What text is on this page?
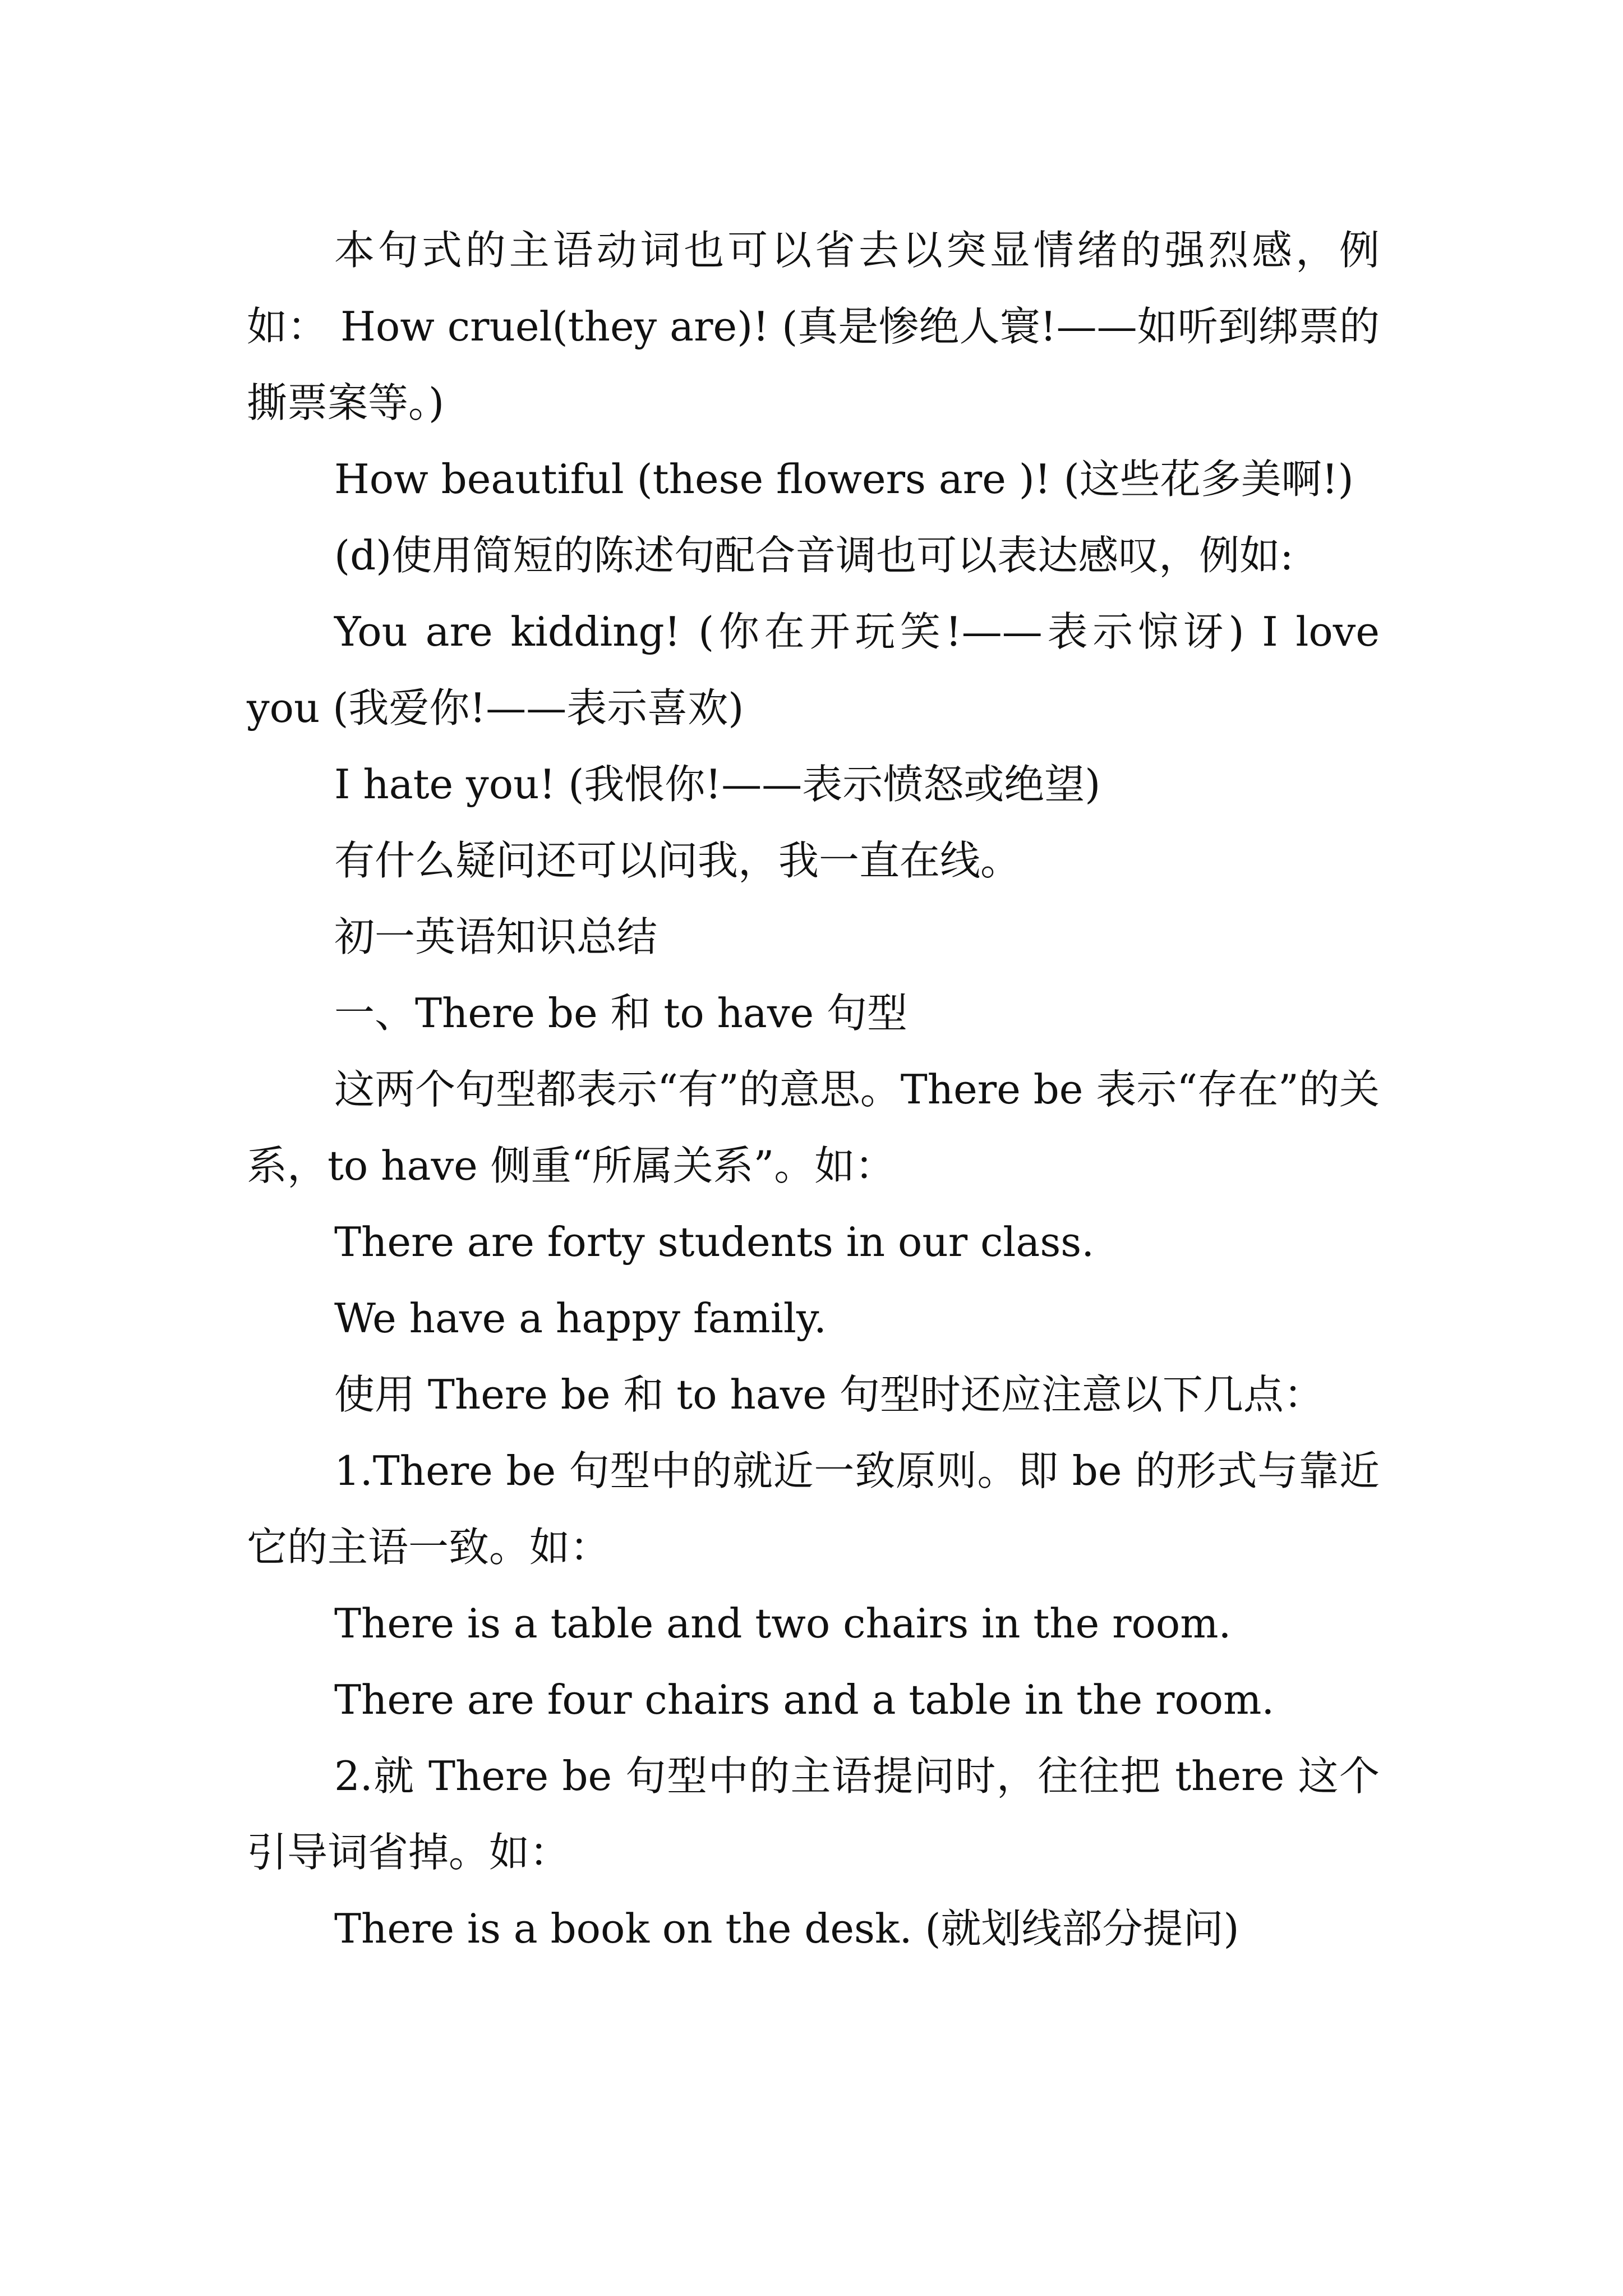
本句式的主语动词也可以省去以突显情绪的强烈感，例如： How cruel(they are)! (真是惨绝人寰!——如听到绑票的撕票案等。)

How beautiful (these flowers are )! (这些花多美啊!)

(d)使用简短的陈述句配合音调也可以表达感叹，例如:

You are kidding! (你在开玩笑!——表示惊讶) I love you (我爱你!——表示喜欢)

I hate you! (我恨你!——表示愤怒或绝望)

有什么疑问还可以问我，我一直在线。

初一英语知识总结

一、There be 和 to have 句型

这两个句型都表示“有”的意思。There be 表示“存在”的关系，to have 侧重“所属关系”。如：

There are forty students in our class.

We have a happy family.

使用 There be 和 to have 句型时还应注意以下几点：

1.There be 句型中的就近一致原则。即 be 的形式与靠近它的主语一致。如：

There is a table and two chairs in the room.

There are four chairs and a table in the room.

2.就 There be 句型中的主语提问时，往往把 there 这个引导词省掉。如：

There is a book on the desk. (就划线部分提问)
